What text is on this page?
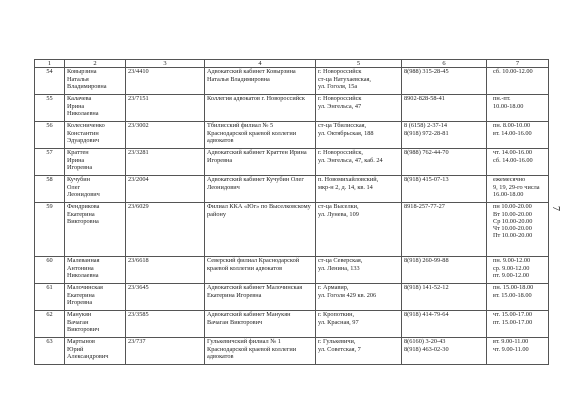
1	2	3	4	5	6	7
54	Ковырзина
Наталья
Владимировна	23/4410	Адвокатский кабинет Ковырзина Наталья Владимировна	г. Новороссийск
ст-ца Натухаевская,
ул. Гоголя, 15а	8(988) 315-28-45	сб. 10.00-12.00

55	Калачева
Ирина
Николаевна	23/7151	Коллегия адвокатов г. Новороссийск	г. Новороссийск
ул. Энгельса, 47	8902-828-58-41	пн.-пт.
10.00-18.00

56	Колесниченко
Константин
Эдуардович	23/3002	Тбилисский филиал № 5 Краснодарской краевой коллегии адвокатов	ст-ца Тбилисская,
ул. Октябрьская, 188	8 (6158) 2-37-14
8(918) 972-28-81	пн. 8.00-10.00
вт. 14.00-16.00

57	Краттен
Ирина
Игоревна	23/3281	Адвокатский кабинет Краттен Ирина Игоревна	г. Новороссийск,
ул. Энгельса, 47, каб. 24	8(988) 762-44-70	чт. 14.00-16.00
сб. 14.00-16.00

58	Кучубин
Олег
Леонидович	23/2004	Адвокатский кабинет Кучубин Олег Леонидович	п. Новомихайловский,
мкр-н 2, д. 14, кв. 14	8(918) 415-07-13	ежемесячно
9, 19, 29-го числа
16.00-18.00

59	Фендрикова
Екатерина
Викторовна	23/6029	Филиал ККА «Юг» по Выселковскому району	ст-ца Выселки,
ул. Лунева, 109	8918-257-77-27	пн 10.00-20.00
Вт 10.00-20.00
Ср 10.00-20.00
Чт 10.00-20.00
Пт 10.00-20.00

60	Малеванная
Антонина
Николаевна	23/6618	Северский филиал Краснодарской краевой коллегии адвокатов	ст-ца Северская,
ул. Ленина, 133	8(918) 260-99-88	пн. 9.00-12.00
ср. 9.00-12.00
пт. 9.00-12.00

61	Малочинская
Екатерина
Игоревна	23/3645	Адвокатский кабинет Малочинская Екатерина Игоревна	г. Армавир,
ул. Гоголя 429 кв. 206	8(918) 141-52-12	пн. 15.00-18.00
вт. 15.00-18.00

62	Манукян
Вачаган
Викторович	23/3585	Адвокатский кабинет Манукян Вачаган Викторович	г. Кропоткин,
ул. Красная, 97	8(918) 414-79-64	чт. 15.00-17.00
пт. 15.00-17.00

63	Мартынов
Юрий
Александрович	23/737	Гулькевичский филиал № 1 Краснодарской краевой коллегии адвокатов	г. Гулькевичи,
ул. Советская, 7	8(6160) 3-20-43
8(918) 463-02-30	вт. 9.00-11.00
чт. 9.00-11.00
7
